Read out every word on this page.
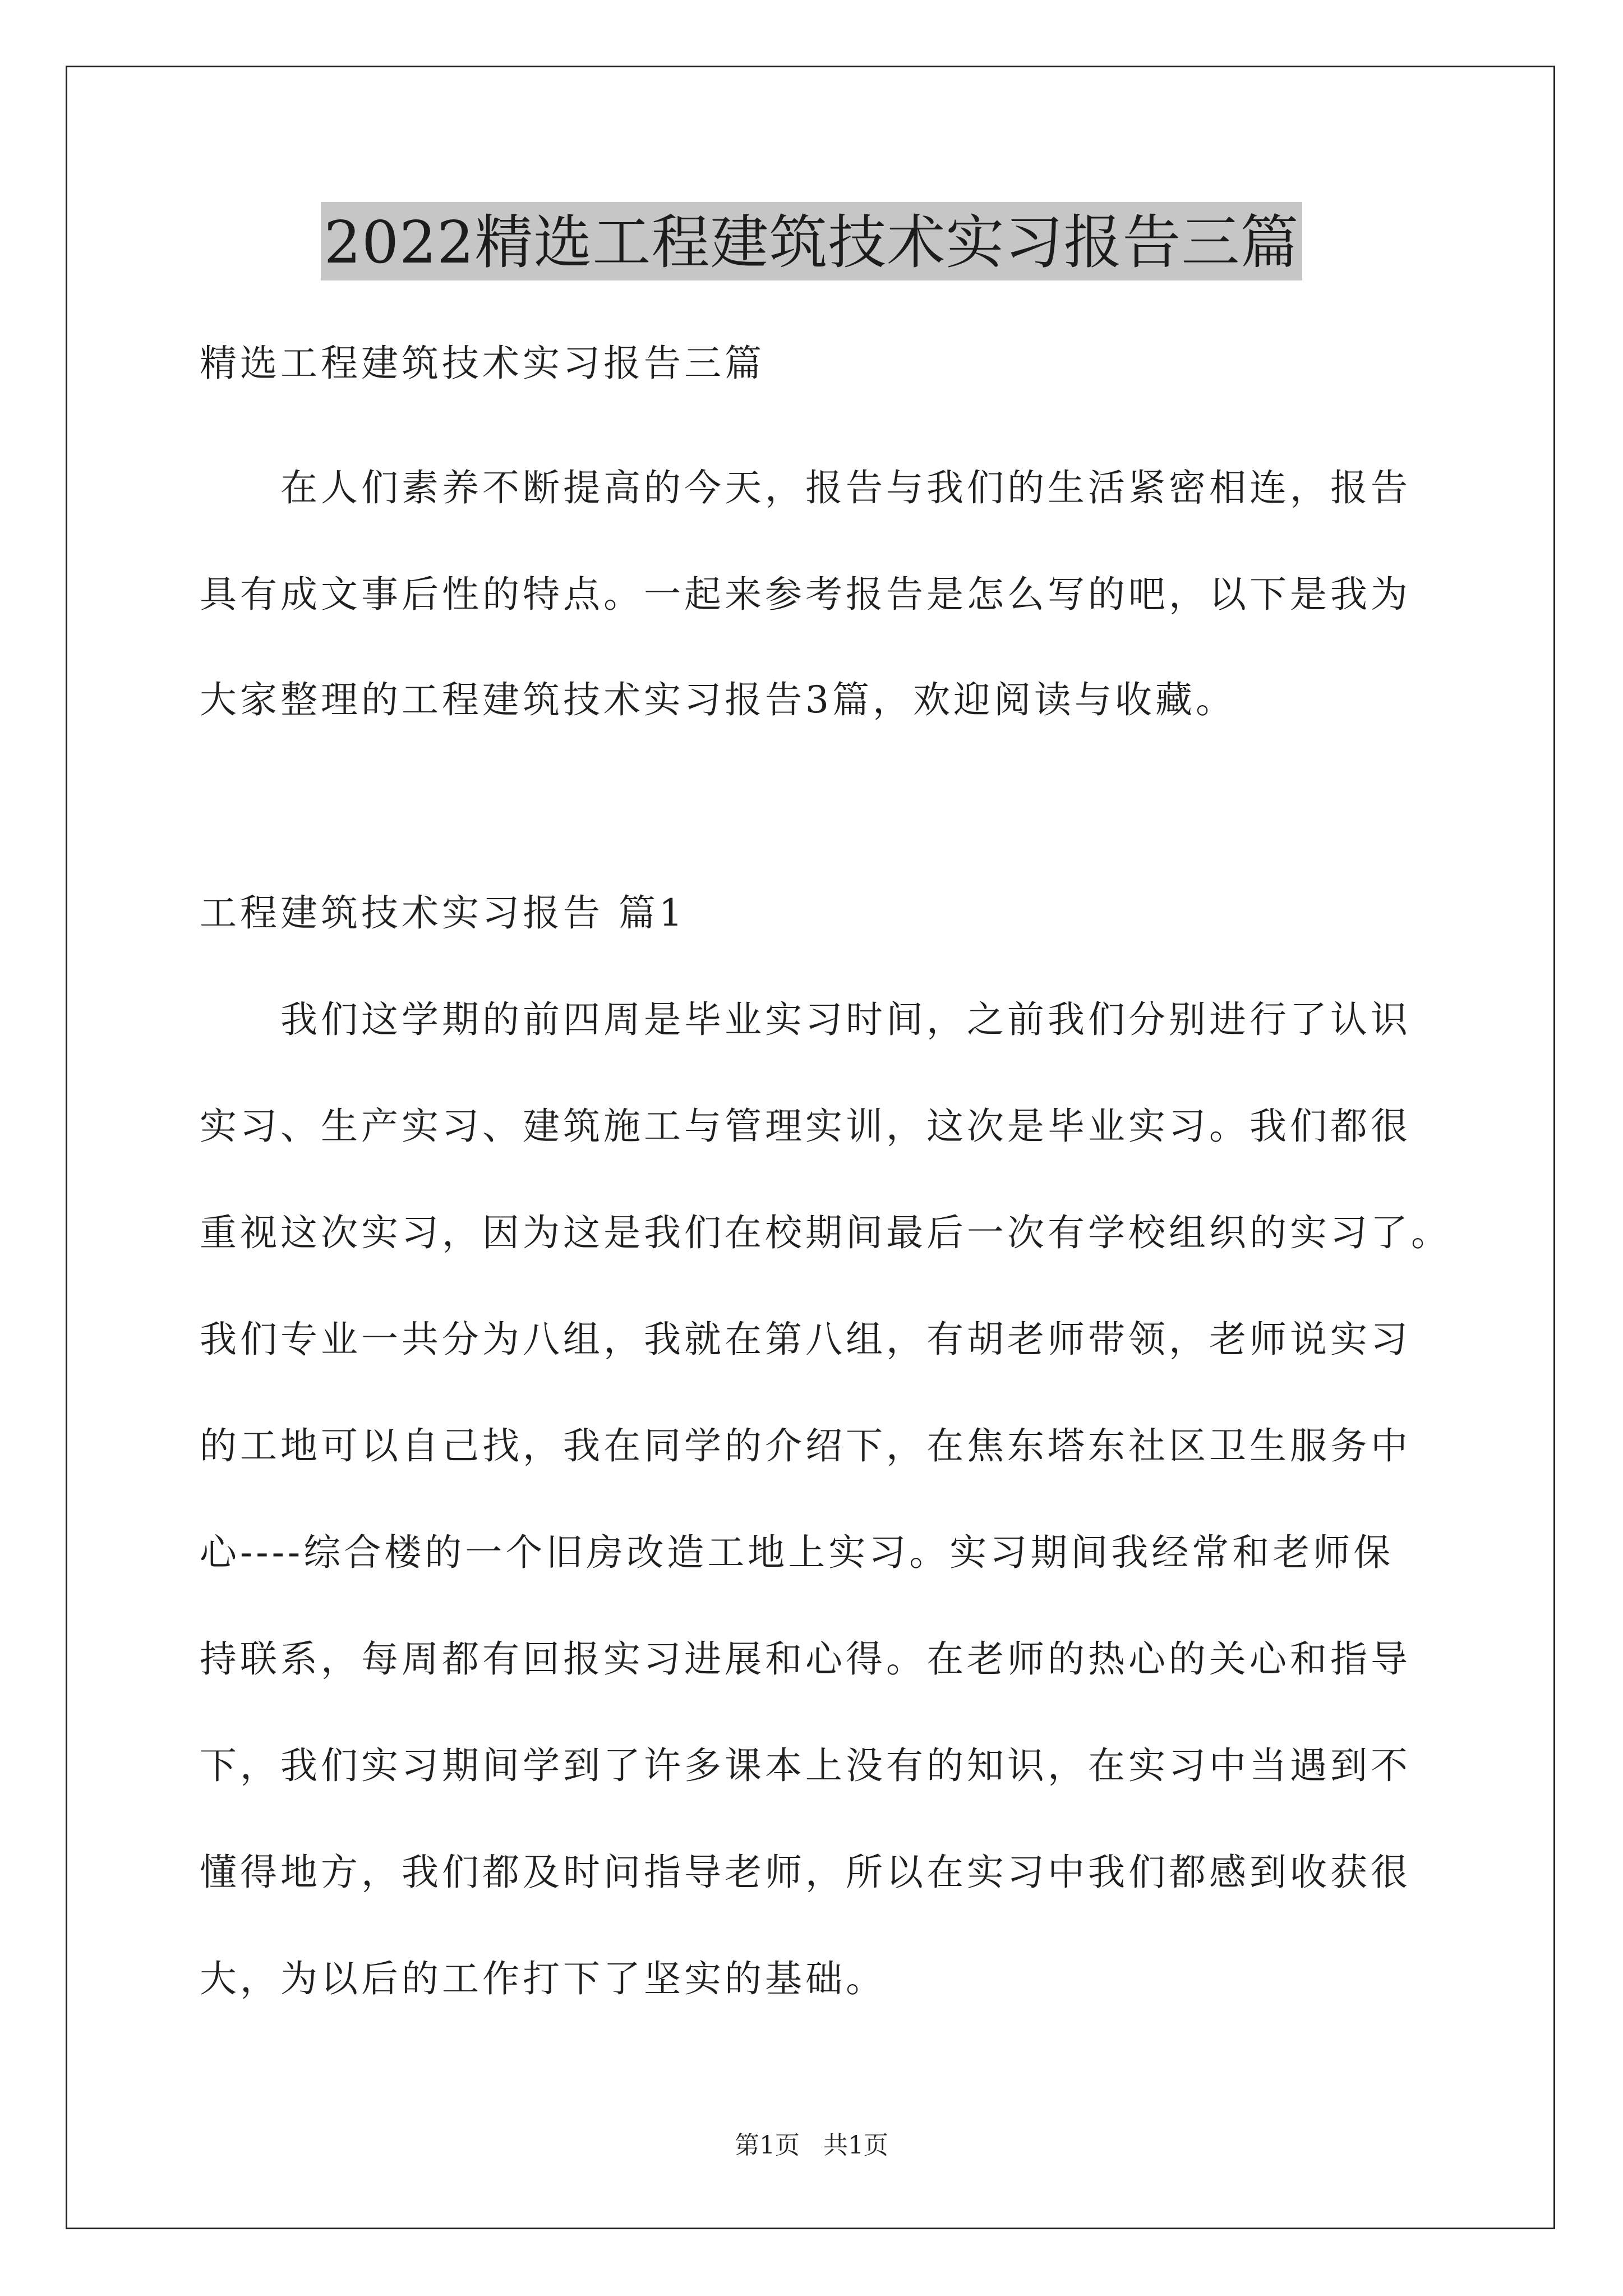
2022精选工程建筑技术实习报告三篇
精选工程建筑技术实习报告三篇
在人们素养不断提高的今天，报告与我们的生活紧密相连，报告
具有成文事后性的特点。一起来参考报告是怎么写的吧，以下是我为
大家整理的工程建筑技术实习报告3篇，欢迎阅读与收藏。
工程建筑技术实习报告 篇1
我们这学期的前四周是毕业实习时间，之前我们分别进行了认识
实习、生产实习、建筑施工与管理实训，这次是毕业实习。我们都很
重视这次实习，因为这是我们在校期间最后一次有学校组织的实习了。
我们专业一共分为八组，我就在第八组，有胡老师带领，老师说实习
的工地可以自己找，我在同学的介绍下，在焦东塔东社区卫生服务中
心----综合楼的一个旧房改造工地上实习。实习期间我经常和老师保
持联系，每周都有回报实习进展和心得。在老师的热心的关心和指导
下，我们实习期间学到了许多课本上没有的知识，在实习中当遇到不
懂得地方，我们都及时问指导老师，所以在实习中我们都感到收获很
大，为以后的工作打下了坚实的基础。
第1页   共1页
